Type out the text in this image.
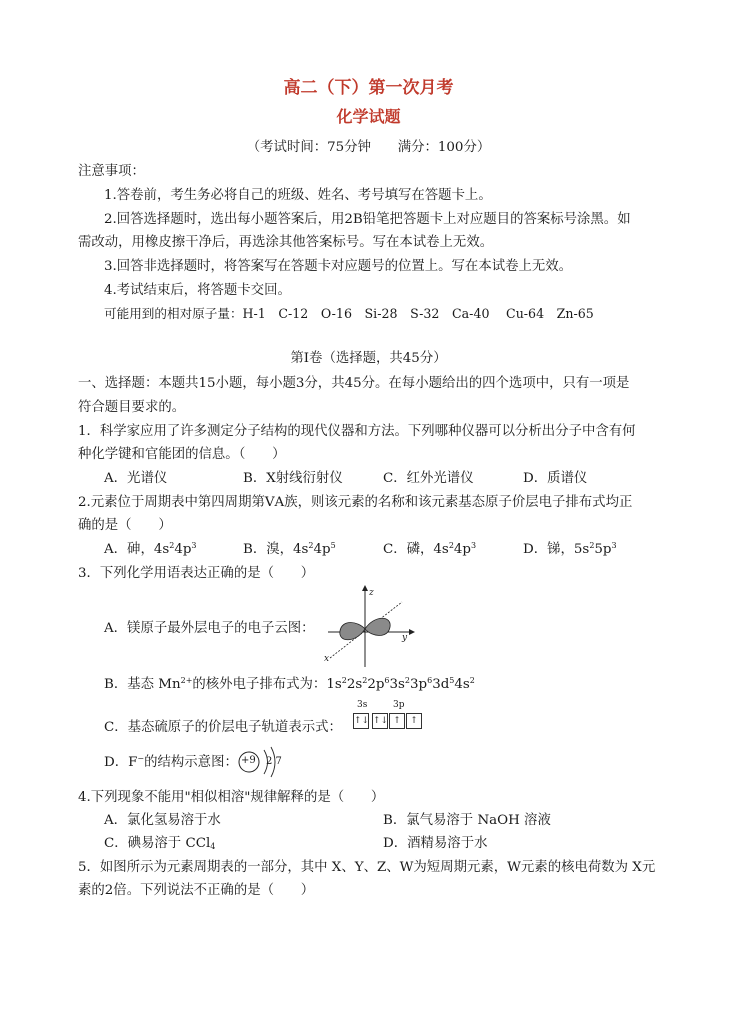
高二（下）第一次月考
化学试题
（考试时间：75分钟　　满分：100分）
注意事项：
1.答卷前，考生务必将自己的班级、姓名、考号填写在答题卡上。
2.回答选择题时，选出每小题答案后，用2B铅笔把答题卡上对应题目的答案标号涂黑。如
需改动，用橡皮擦干净后，再选涂其他答案标号。写在本试卷上无效。
3.回答非选择题时，将答案写在答题卡对应题号的位置上。写在本试卷上无效。
4.考试结束后，将答题卡交回。
可能用到的相对原子量：H-1　C-12　O-16　Si-28　S-32　Ca-40　 Cu-64　Zn-65
第Ⅰ卷（选择题，共45分）
一、选择题：本题共15小题，每小题3分，共45分。在每小题给出的四个选项中，只有一项是
符合题目要求的。
1．科学家应用了许多测定分子结构的现代仪器和方法。下列哪种仪器可以分析出分子中含有何
种化学键和官能团的信息。（　　）
A．光谱仪	B．X射线衍射仪	C．红外光谱仪	D．质谱仪
2.元素位于周期表中第四周期第ⅤA族，则该元素的名称和该元素基态原子价层电子排布式均正
确的是（　　）
A．砷，$4s^24p^3$	B．溴，$4s^24p^5$	C．磷，$4s^24p^3$	D．锑，$5s^25p^3$
3．下列化学用语表达正确的是（　　）
A．镁原子最外层电子的电子云图：
z
y
x
B．基态 $Mn^{2+}$的核外电子排布式为：$1s^22s^22p^63s^23p^63d^54s^2$
C．基态硫原子的价层电子轨道表示式：
3s	3p
↑↓ ↑↓ ↑	↑
D．F−的结构示意图： +9 2 7
4.下列现象不能用"相似相溶"规律解释的是（　　）
A．氯化氢易溶于水	B．氯气易溶于 NaOH 溶液
C．碘易溶于 CCl$_4$	D．酒精易溶于水
5．如图所示为元素周期表的一部分，其中 X、Y、Z、W为短周期元素，W元素的核电荷数为 X元
素的2倍。下列说法不正确的是（　　）
